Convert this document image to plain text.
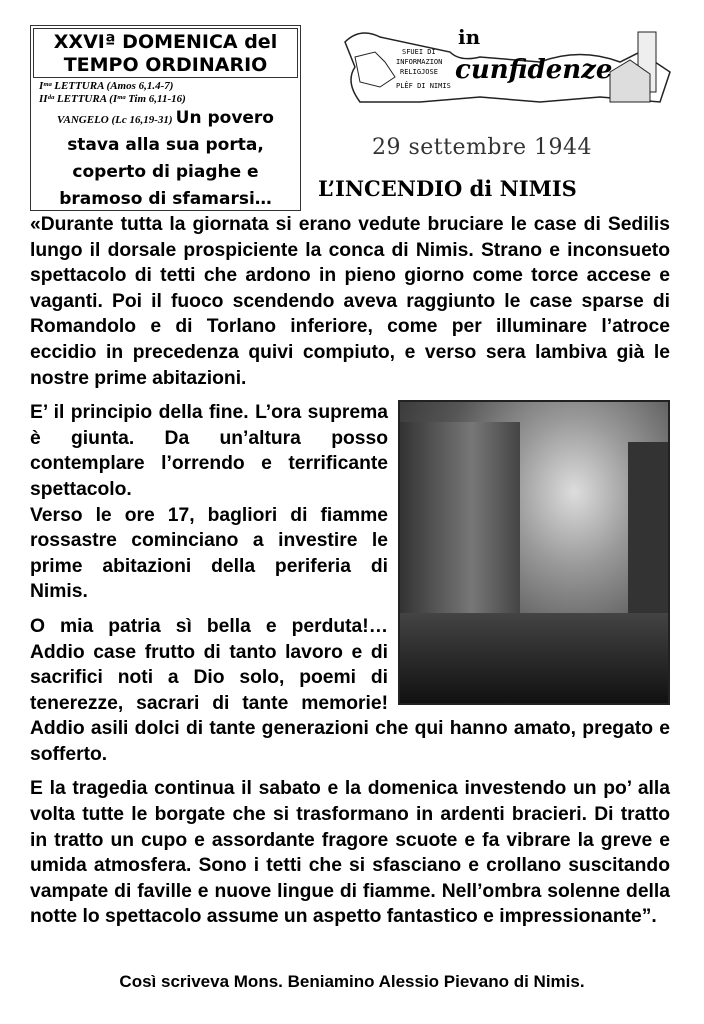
XXVIª DOMENICA del
TEMPO ORDINARIO
Iᵐᵃ LETTURA (Amos 6,1.4-7)
IIᵈᵃ LETTURA (Iᵐᵃ Tim 6,11-16)
VANGELO (Lc 16,19-31) Un povero stava alla sua porta, coperto di piaghe e bramoso di sfamarsi…
SFUEI DI
INFORMAZION
RELIGJOSE
PLÊF DI NIMIS
in
cunfidenze
29 settembre 1944
L’INCENDIO di NIMIS

«Durante tutta la giornata si erano vedute bruciare le case di Sedilis lungo il dorsale prospiciente la conca di Nimis. Strano e inconsueto spettacolo di tetti che ardono in pieno giorno come torce accese e vaganti. Poi il fuoco scendendo aveva raggiunto le case sparse di Romandolo e di Torlano inferiore, come per illuminare l’atroce eccidio in precedenza quivi compiuto, e verso sera lambiva già le nostre prime abitazioni.

E’ il principio della fine. L’ora suprema è giunta. Da un’altura posso contemplare l’orrendo e terrificante spettacolo.

Verso le ore 17, bagliori di fiamme rossastre cominciano a investire le prime abitazioni della periferia di Nimis.

O mia patria sì bella e perduta!… Addio case frutto di tanto lavoro e di sacrifici noti a Dio solo, poemi di tenerezze, sacrari di tante memorie! Addio asili dolci di tante generazioni che qui hanno amato, pregato e sofferto.

E la tragedia continua il sabato e la domenica investendo un po’ alla volta tutte le borgate che si trasformano in ardenti bracieri. Di tratto in tratto un cupo e assordante fragore scuote e fa vibrare la greve e umida atmosfera. Sono i tetti che si sfasciano e crollano suscitando vampate di faville e nuove lingue di fiamme. Nell’ombra solenne della notte lo spettacolo assume un aspetto fantastico e impressionante”.

Così scriveva Mons. Beniamino Alessio Pievano di Nimis.
